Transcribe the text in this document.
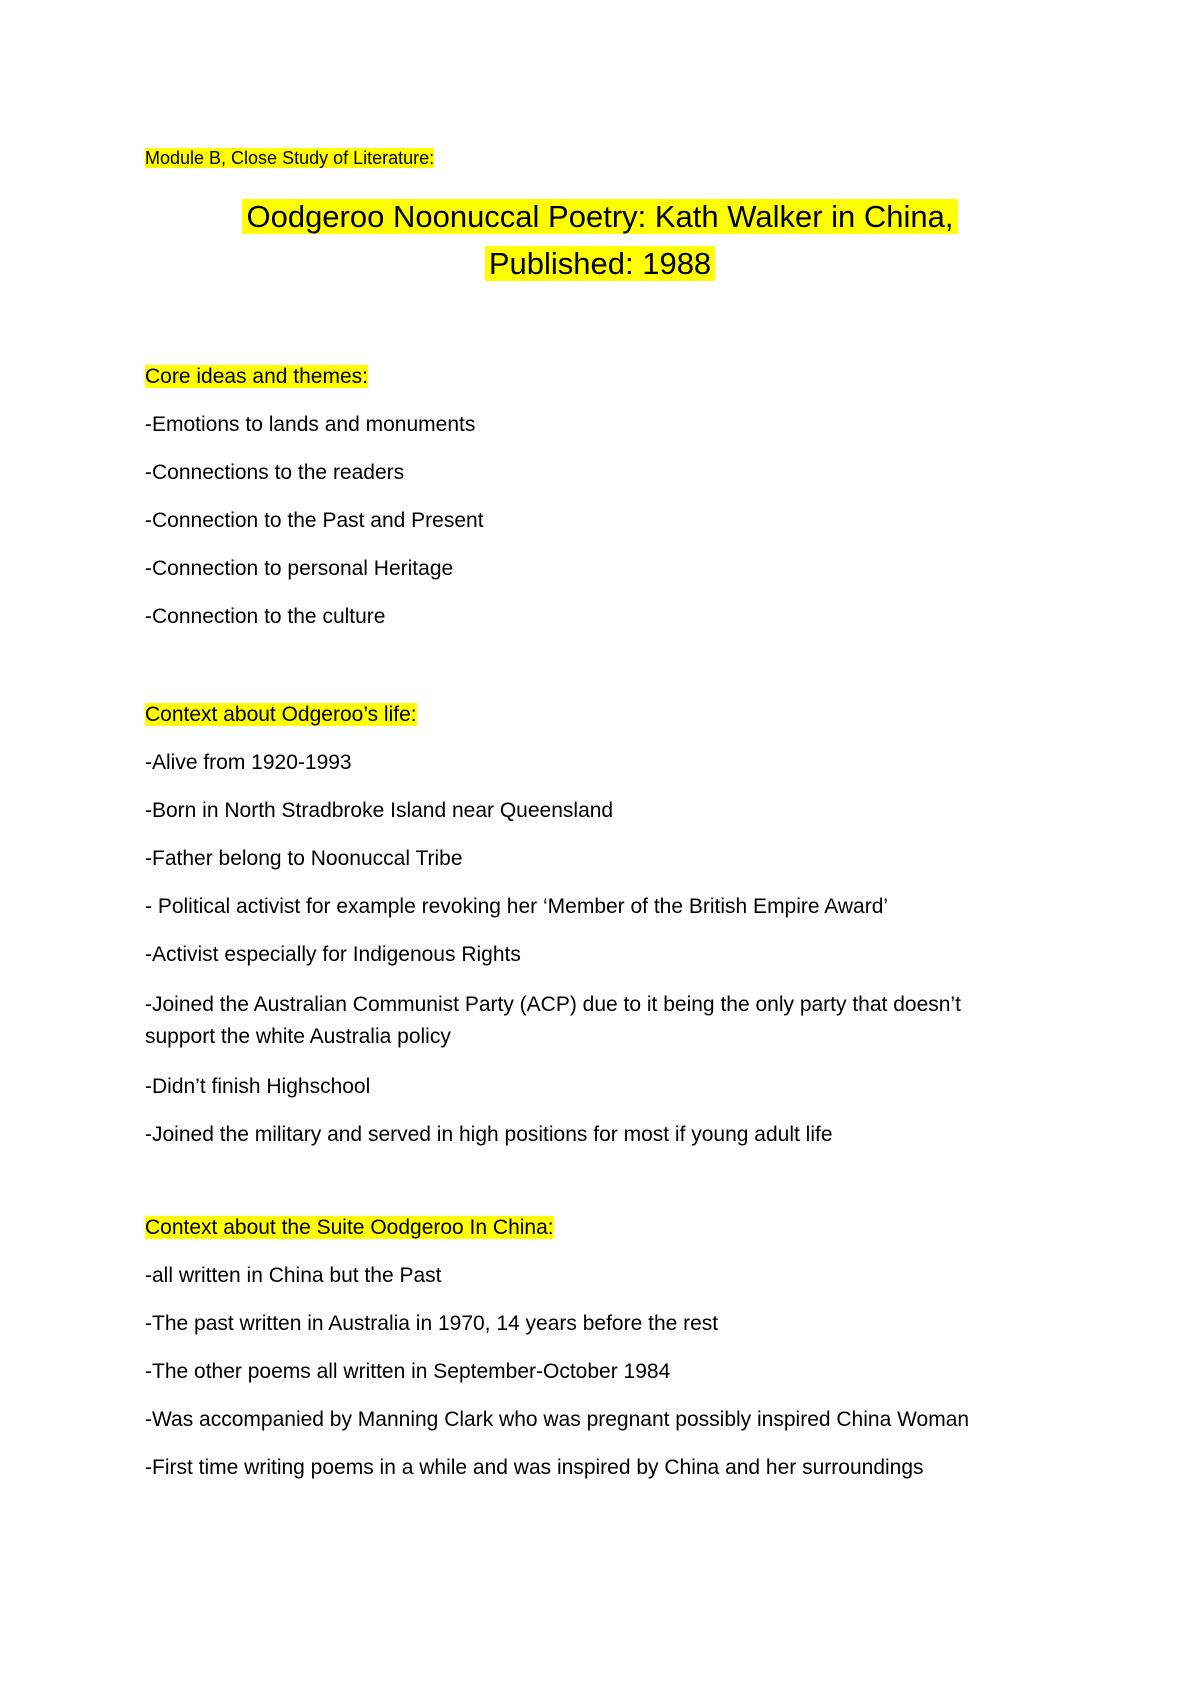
Module B, Close Study of Literature:
Oodgeroo Noonuccal Poetry: Kath Walker in China,
Published: 1988
Core ideas and themes:
-Emotions to lands and monuments
-Connections to the readers
-Connection to the Past and Present
-Connection to personal Heritage
-Connection to the culture
Context about Odgeroo’s life:
-Alive from 1920-1993
-Born in North Stradbroke Island near Queensland
-Father belong to Noonuccal Tribe
- Political activist for example revoking her ‘Member of the British Empire Award’
-Activist especially for Indigenous Rights
-Joined the Australian Communist Party (ACP) due to it being the only party that doesn’t support the white Australia policy
-Didn’t finish Highschool
-Joined the military and served in high positions for most if young adult life
Context about the Suite Oodgeroo In China:
-all written in China but the Past
-The past written in Australia in 1970, 14 years before the rest
-The other poems all written in September-October 1984
-Was accompanied by Manning Clark who was pregnant possibly inspired China Woman
-First time writing poems in a while and was inspired by China and her surroundings
